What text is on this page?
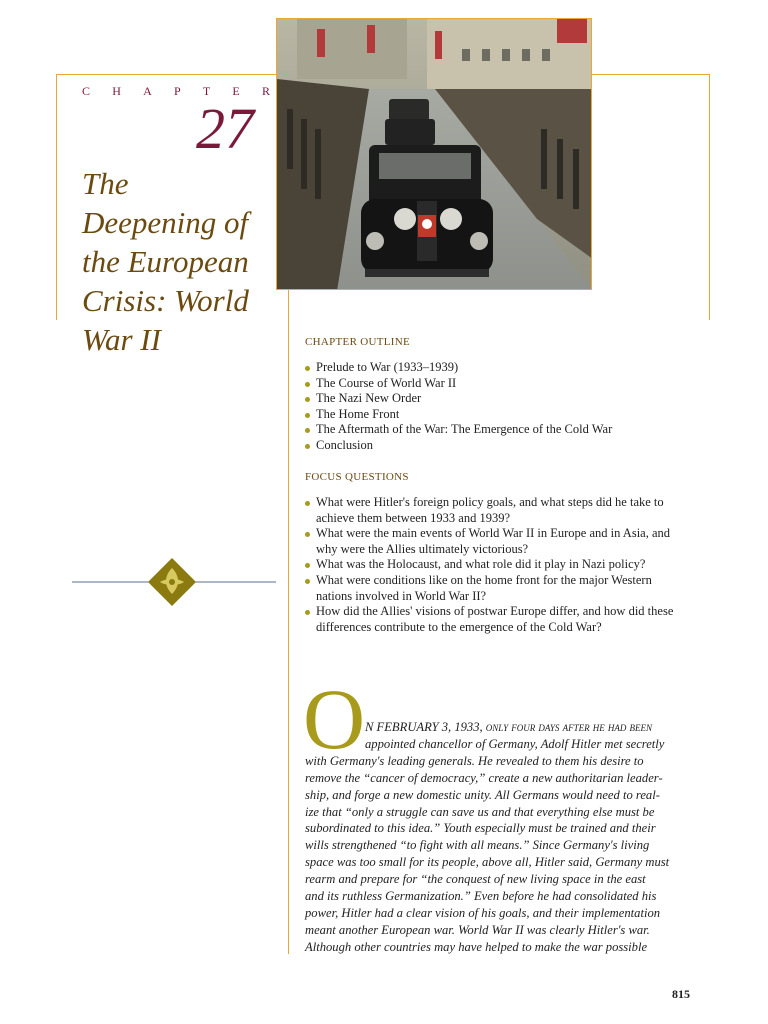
C H A P T E R
27
The
Deepening of
the European
Crisis: World
War II	CHAPTER OUTLINE
Prelude to War (1933–1939)
The Course of World War II
The Nazi New Order
The Home Front
The Aftermath of the War: The Emergence of the Cold War
Conclusion
FOCUS QUESTIONS
What were Hitler's foreign policy goals, and what steps did he take to
achieve them between 1933 and 1939?
What were the main events of World War II in Europe and in Asia, and
why were the Allies ultimately victorious?
What was the Holocaust, and what role did it play in Nazi policy?
What were conditions like on the home front for the major Western
nations involved in World War II?
How did the Allies' visions of postwar Europe differ, and how did these
differences contribute to the emergence of the Cold War?
O N FEBRUARY 3, 1933, only four days after he had been
appointed chancellor of Germany, Adolf Hitler met secretly
with Germany's leading generals. He revealed to them his desire to
remove the “cancer of democracy,” create a new authoritarian leader-
ship, and forge a new domestic unity. All Germans would need to real-
ize that “only a struggle can save us and that everything else must be
subordinated to this idea.” Youth especially must be trained and their
wills strengthened “to fight with all means.” Since Germany's living
space was too small for its people, above all, Hitler said, Germany must
rearm and prepare for “the conquest of new living space in the east
and its ruthless Germanization.” Even before he had consolidated his
power, Hitler had a clear vision of his goals, and their implementation
meant another European war. World War II was clearly Hitler's war.
Although other countries may have helped to make the war possible
815
